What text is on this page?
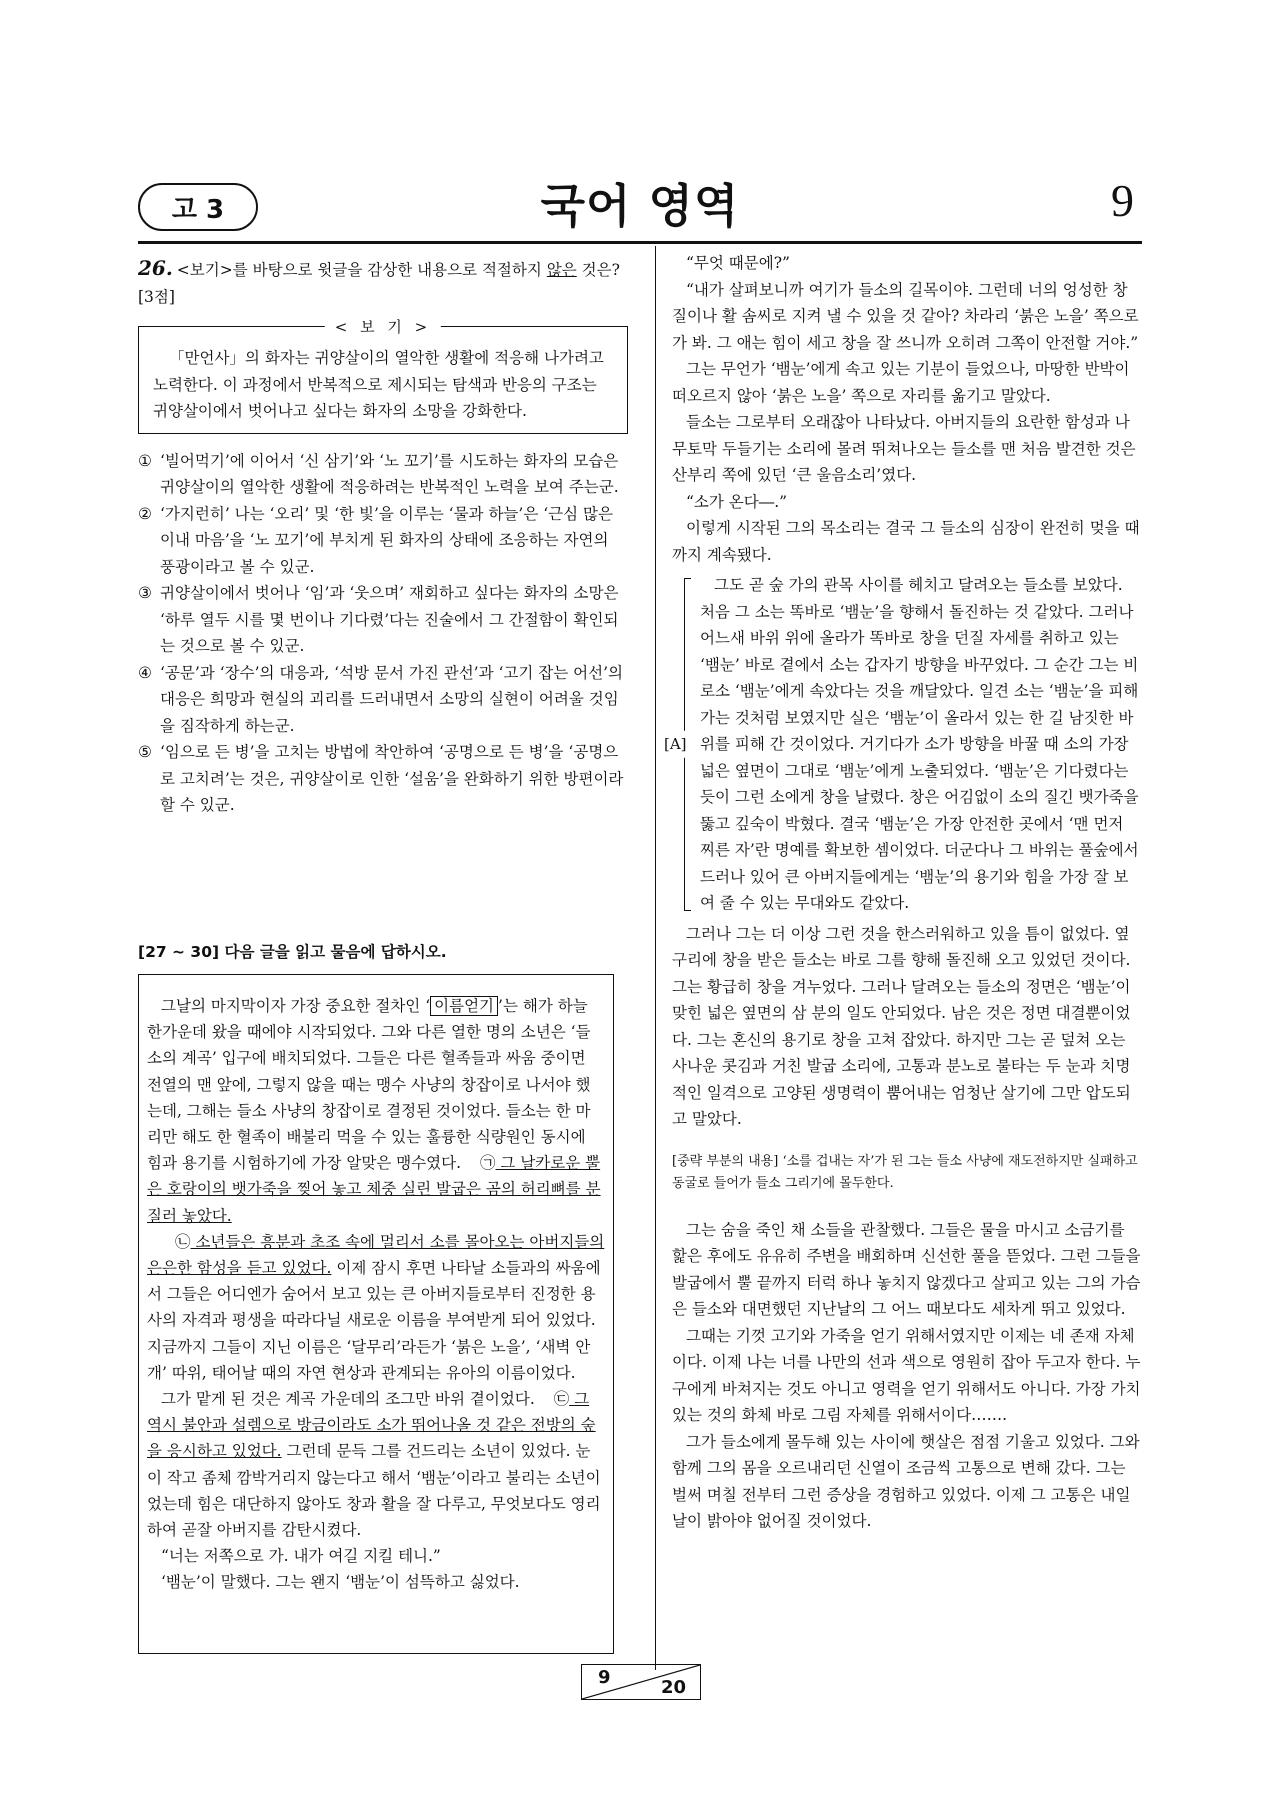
고 3	국어 영역	9

26. <보기>를 바탕으로 윗글을 감상한 내용으로 적절하지 않은 것은? [3점]

< 보 기 >

「만언사」의 화자는 귀양살이의 열악한 생활에 적응해 나가려고 노력한다. 이 과정에서 반복적으로 제시되는 탐색과 반응의 구조는 귀양살이에서 벗어나고 싶다는 화자의 소망을 강화한다.

① ‘빌어먹기’에 이어서 ‘신 삼기’와 ‘노 꼬기’를 시도하는 화자의 모습은 귀양살이의 열악한 생활에 적응하려는 반복적인 노력을 보여 주는군.
② ‘가지런히’ 나는 ‘오리’ 및 ‘한 빛’을 이루는 ‘물과 하늘’은 ‘근심 많은 이내 마음’을 ‘노 꼬기’에 부치게 된 화자의 상태에 조응하는 자연의 풍광이라고 볼 수 있군.
③ 귀양살이에서 벗어나 ‘임’과 ‘웃으며’ 재회하고 싶다는 화자의 소망은 ‘하루 열두 시를 몇 번이나 기다렸’다는 진술에서 그 간절함이 확인되는 것으로 볼 수 있군.
④ ‘공문’과 ‘장수’의 대응과, ‘석방 문서 가진 관선’과 ‘고기 잡는 어선’의 대응은 희망과 현실의 괴리를 드러내면서 소망의 실현이 어려울 것임을 짐작하게 하는군.
⑤ ‘임으로 든 병’을 고치는 방법에 착안하여 ‘공명으로 든 병’을 ‘공명으로 고치려’는 것은, 귀양살이로 인한 ‘설움’을 완화하기 위한 방편이라 할 수 있군.
[27 ~ 30] 다음 글을 읽고 물음에 답하시오.

그날의 마지막이자 가장 중요한 절차인 ‘ 이름얻기 ’는 해가 하늘 한가운데 왔을 때에야 시작되었다. 그와 다른 열한 명의 소년은 ‘들소의 계곡’ 입구에 배치되었다. 그들은 다른 혈족들과 싸움 중이면 전열의 맨 앞에, 그렇지 않을 때는 맹수 사냥의 창잡이로 나서야 했는데, 그해는 들소 사냥의 창잡이로 결정된 것이었다. 들소는 한 마리만 해도 한 혈족이 배불리 먹을 수 있는 훌륭한 식량원인 동시에 힘과 용기를 시험하기에 가장 알맞은 맹수였다. ㉠ 그 날카로운 뿔은 호랑이의 뱃가죽을 찢어 놓고 체중 실린 발굽은 곰의 허리뼈를 분질러 놓았다.

㉡ 소년들은 흥분과 초조 속에 멀리서 소를 몰아오는 아버지들의 은은한 함성을 듣고 있었다. 이제 잠시 후면 나타날 소들과의 싸움에서 그들은 어디엔가 숨어서 보고 있는 큰 아버지들로부터 진정한 용사의 자격과 평생을 따라다닐 새로운 이름을 부여받게 되어 있었다. 지금까지 그들이 지닌 이름은 ‘달무리’라든가 ‘붉은 노을’, ‘새벽 안개’ 따위, 태어날 때의 자연 현상과 관계되는 유아의 이름이었다.

그가 맡게 된 것은 계곡 가운데의 조그만 바위 곁이었다. ㉢ 그 역시 불안과 설렘으로 방금이라도 소가 뛰어나올 것 같은 전방의 숲을 응시하고 있었다. 그런데 문득 그를 건드리는 소년이 있었다. 눈이 작고 좀체 깜박거리지 않는다고 해서 ‘뱀눈’이라고 불리는 소년이었는데 힘은 대단하지 않아도 창과 활을 잘 다루고, 무엇보다도 영리하여 곧잘 아버지를 감탄시켰다.

“너는 저쪽으로 가. 내가 여길 지킬 테니.”

‘뱀눈’이 말했다. 그는 왠지 ‘뱀눈’이 섬뜩하고 싫었다.

“무엇 때문에?”

“내가 살펴보니까 여기가 들소의 길목이야. 그런데 너의 엉성한 창질이나 활 솜씨로 지켜 낼 수 있을 것 같아? 차라리 ‘붉은 노을’ 쪽으로 가 봐. 그 애는 힘이 세고 창을 잘 쓰니까 오히려 그쪽이 안전할 거야.”

그는 무언가 ‘뱀눈’에게 속고 있는 기분이 들었으나, 마땅한 반박이 떠오르지 않아 ‘붉은 노을’ 쪽으로 자리를 옮기고 말았다.

들소는 그로부터 오래잖아 나타났다. 아버지들의 요란한 함성과 나무토막 두들기는 소리에 몰려 뛰쳐나오는 들소를 맨 처음 발견한 것은 산부리 쪽에 있던 ‘큰 울음소리’였다.

“소가 온다―.”

이렇게 시작된 그의 목소리는 결국 그 들소의 심장이 완전히 멎을 때까지 계속됐다.

[A]

그도 곧 숲 가의 관목 사이를 헤치고 달려오는 들소를 보았다. 처음 그 소는 똑바로 ‘뱀눈’을 향해서 돌진하는 것 같았다. 그러나 어느새 바위 위에 올라가 똑바로 창을 던질 자세를 취하고 있는 ‘뱀눈’ 바로 곁에서 소는 갑자기 방향을 바꾸었다. 그 순간 그는 비로소 ‘뱀눈’에게 속았다는 것을 깨달았다. 일견 소는 ‘뱀눈’을 피해 가는 것처럼 보였지만 실은 ‘뱀눈’이 올라서 있는 한 길 남짓한 바위를 피해 간 것이었다. 거기다가 소가 방향을 바꿀 때 소의 가장 넓은 옆면이 그대로 ‘뱀눈’에게 노출되었다. ‘뱀눈’은 기다렸다는 듯이 그런 소에게 창을 날렸다. 창은 어김없이 소의 질긴 뱃가죽을 뚫고 깊숙이 박혔다. 결국 ‘뱀눈’은 가장 안전한 곳에서 ‘맨 먼저 찌른 자’란 명예를 확보한 셈이었다. 더군다나 그 바위는 풀숲에서 드러나 있어 큰 아버지들에게는 ‘뱀눈’의 용기와 힘을 가장 잘 보여 줄 수 있는 무대와도 같았다.

그러나 그는 더 이상 그런 것을 한스러워하고 있을 틈이 없었다. 옆구리에 창을 받은 들소는 바로 그를 향해 돌진해 오고 있었던 것이다. 그는 황급히 창을 겨누었다. 그러나 달려오는 들소의 정면은 ‘뱀눈’이 맞힌 넓은 옆면의 삼 분의 일도 안되었다. 남은 것은 정면 대결뿐이었다. 그는 혼신의 용기로 창을 고쳐 잡았다. 하지만 그는 곧 덮쳐 오는 사나운 콧김과 거친 발굽 소리에, 고통과 분노로 불타는 두 눈과 치명적인 일격으로 고양된 생명력이 뿜어내는 엄청난 살기에 그만 압도되고 말았다.

[중략 부분의 내용] ‘소를 겁내는 자’가 된 그는 들소 사냥에 재도전하지만 실패하고 동굴로 들어가 들소 그리기에 몰두한다.

그는 숨을 죽인 채 소들을 관찰했다. 그들은 물을 마시고 소금기를 핥은 후에도 유유히 주변을 배회하며 신선한 풀을 뜯었다. 그런 그들을 발굽에서 뿔 끝까지 터럭 하나 놓치지 않겠다고 살피고 있는 그의 가슴은 들소와 대면했던 지난날의 그 어느 때보다도 세차게 뛰고 있었다.

그때는 기껏 고기와 가죽을 얻기 위해서였지만 이제는 네 존재 자체이다. 이제 나는 너를 나만의 선과 색으로 영원히 잡아 두고자 한다. 누구에게 바쳐지는 것도 아니고 영력을 얻기 위해서도 아니다. 가장 가치 있는 것의 화체 바로 그림 자체를 위해서이다…….

그가 들소에게 몰두해 있는 사이에 햇살은 점점 기울고 있었다. 그와 함께 그의 몸을 오르내리던 신열이 조금씩 고통으로 변해 갔다. 그는 벌써 며칠 전부터 그런 증상을 경험하고 있었다. 이제 그 고통은 내일 날이 밝아야 없어질 것이었다.

9	20
